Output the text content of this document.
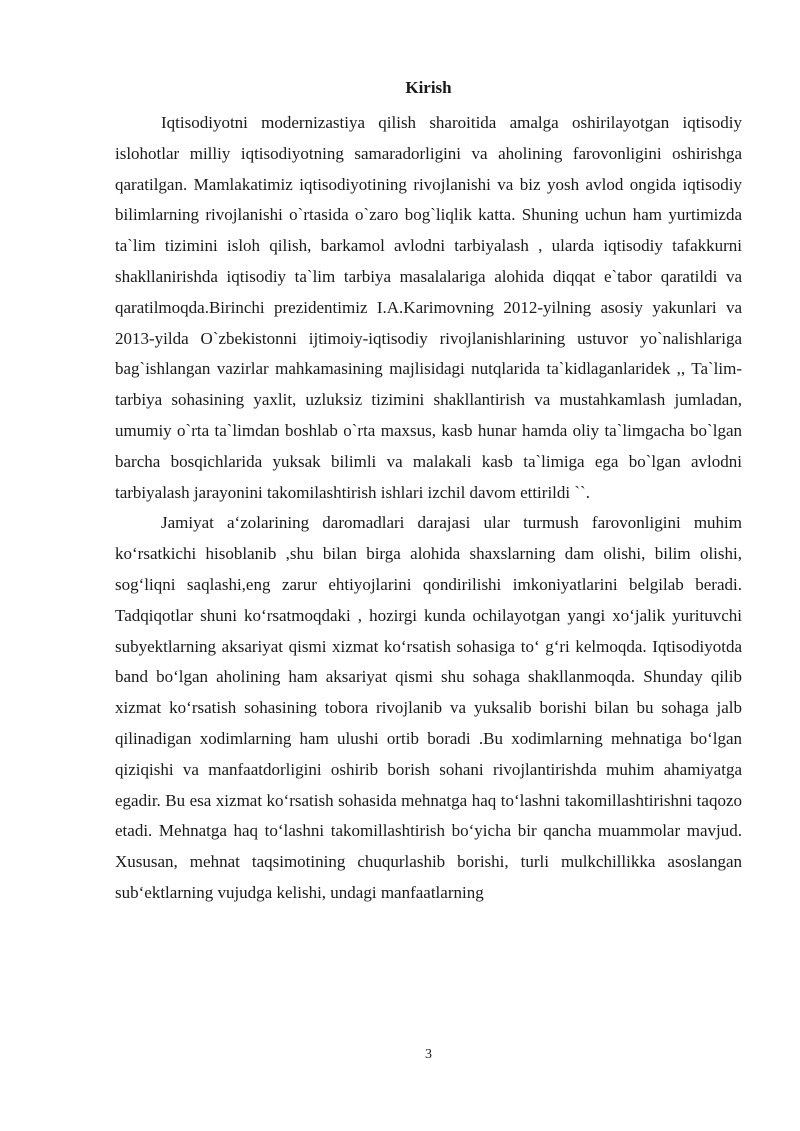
Kirish

Iqtisodiyotni modernizastiya qilish sharoitida amalga oshirilayotgan iqtisodiy islohotlar milliy iqtisodiyotning samaradorligini va aholining farovonligini oshirishga qaratilgan. Mamlakatimiz iqtisodiyotining rivojlanishi va biz yosh avlod ongida iqtisodiy bilimlarning rivojlanishi o`rtasida o`zaro bog`liqlik katta. Shuning uchun ham yurtimizda ta`lim tizimini isloh qilish, barkamol avlodni tarbiyalash , ularda iqtisodiy tafakkurni shakllanirishda iqtisodiy ta`lim tarbiya masalalariga alohida diqqat e`tabor qaratildi va qaratilmoqda.Birinchi prezidentimiz I.A.Karimovning 2012-yilning asosiy yakunlari va 2013-yilda O`zbekistonni ijtimoiy-iqtisodiy rivojlanishlarining ustuvor yo`nalishlariga bag`ishlangan vazirlar mahkamasining majlisidagi nutqlarida ta`kidlaganlaridek ,, Ta`lim-tarbiya sohasining yaxlit, uzluksiz tizimini shakllantirish va mustahkamlash jumladan, umumiy o`rta ta`limdan boshlab o`rta maxsus, kasb hunar hamda oliy ta`limgacha bo`lgan barcha bosqichlarida yuksak bilimli va malakali kasb ta`limiga ega bo`lgan avlodni tarbiyalash jarayonini takomilashtirish ishlari izchil davom ettirildi ``.

Jamiyat a‘zolarining daromadlari darajasi ular turmush farovonligini muhim ko‘rsatkichi hisoblanib ,shu bilan birga alohida shaxslarning dam olishi, bilim olishi, sog‘liqni saqlashi,eng zarur ehtiyojlarini qondirilishi imkoniyatlarini belgilab beradi. Tadqiqotlar shuni ko‘rsatmoqdaki , hozirgi kunda ochilayotgan yangi xo‘jalik yurituvchi subyektlarning aksariyat qismi xizmat ko‘rsatish sohasiga to‘ g‘ri kelmoqda. Iqtisodiyotda band bo‘lgan aholining ham aksariyat qismi shu sohaga shakllanmoqda. Shunday qilib xizmat ko‘rsatish sohasining tobora rivojlanib va yuksalib borishi bilan bu sohaga jalb qilinadigan xodimlarning ham ulushi ortib boradi .Bu xodimlarning mehnatiga bo‘lgan qiziqishi va manfaatdorligini oshirib borish sohani rivojlantirishda muhim ahamiyatga egadir. Bu esa xizmat ko‘rsatish sohasida mehnatga haq to‘lashni takomillashtirishni taqozo etadi. Mehnatga haq to‘lashni takomillashtirish bo‘yicha bir qancha muammolar mavjud. Xususan, mehnat taqsimotining chuqurlashib borishi, turli mulkchillikka asoslangan sub‘ektlarning vujudga kelishi, undagi manfaatlarning

3
